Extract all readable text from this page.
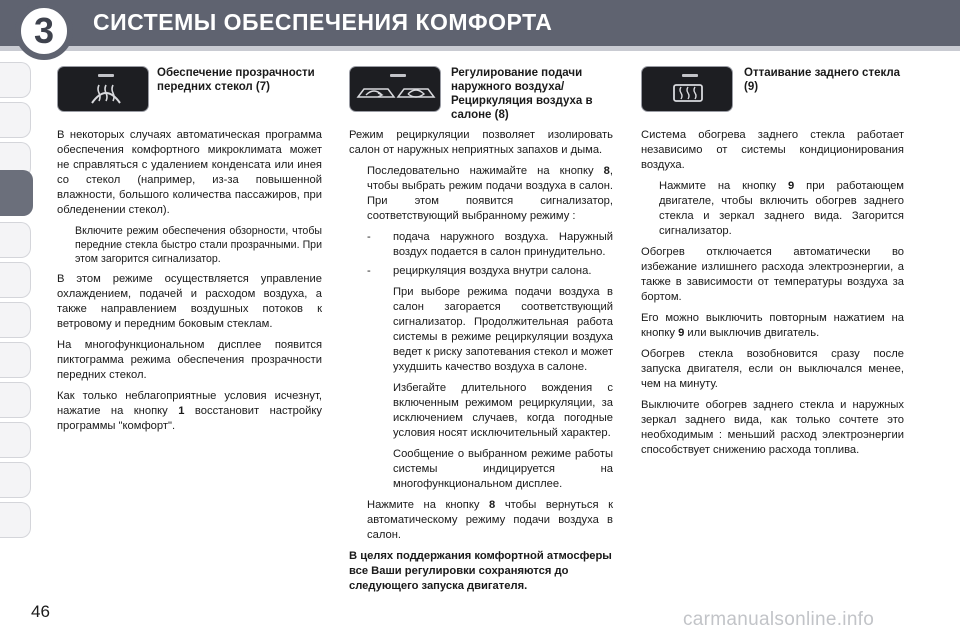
3	СИСТЕМЫ ОБЕСПЕЧЕНИЯ КОМФОРТА
Обеспечение прозрачности передних стекол (7)

В некоторых случаях автоматическая программа обеспечения комфортного микроклимата может не справляться с удалением конденсата или инея со стекол (например, из-за повышенной влажности, большого количества пассажиров, при обледенении стекол).

Включите режим обеспечения обзорности, чтобы передние стекла быстро стали прозрачными. При этом загорится сигнализатор.

В этом режиме осуществляется управление охлаждением, подачей и расходом воздуха, а также направлением воздушных потоков к ветровому и передним боковым стеклам.

На многофункциональном дисплее появится пиктограмма режима обеспечения прозрачности передних стекол.

Как только неблагоприятные условия исчезнут, нажатие на кнопку 1 восстановит настройку программы "комфорт".

Регулирование подачи наружного воздуха/ Рециркуляция воздуха в салоне (8)

Режим рециркуляции позволяет изолировать салон от наружных неприятных запахов и дыма.

Последовательно нажимайте на кнопку 8, чтобы выбрать режим подачи воздуха в салон. При этом появится сигнализатор, соответствующий выбранному режиму :
-	подача наружного воздуха. Наружный воздух подается в салон принудительно.
-	рециркуляция воздуха внутри салона.

При выборе режима подачи воздуха в салон загорается соответствующий сигнализатор. Продолжительная работа системы в режиме рециркуляции воздуха ведет к риску запотевания стекол и может ухудшить качество воздуха в салоне.

Избегайте длительного вождения с включенным режимом рециркуляции, за исключением случаев, когда погодные условия носят исключительный характер.

Сообщение о выбранном режиме работы системы индицируется на многофункциональном дисплее.

Нажмите на кнопку 8 чтобы вернуться к автоматическому режиму подачи воздуха в салон.

В целях поддержания комфортной атмосферы все Ваши регулировки сохраняются до следующего запуска двигателя.

Оттаивание заднего стекла (9)

Система обогрева заднего стекла работает независимо от системы кондиционирования воздуха.

Нажмите на кнопку 9 при работающем двигателе, чтобы включить обогрев заднего стекла и зеркал заднего вида. Загорится сигнализатор.

Обогрев отключается автоматически во избежание излишнего расхода электроэнергии, а также в зависимости от температуры воздуха за бортом.

Его можно выключить повторным нажатием на кнопку 9 или выключив двигатель.

Обогрев стекла возобновится сразу после запуска двигателя, если он выключался менее, чем на минуту.

Выключите обогрев заднего стекла и наружных зеркал заднего вида, как только сочтете это необходимым : меньший расход электроэнергии способствует снижению расхода топлива.

46	carmanualsonline.info
